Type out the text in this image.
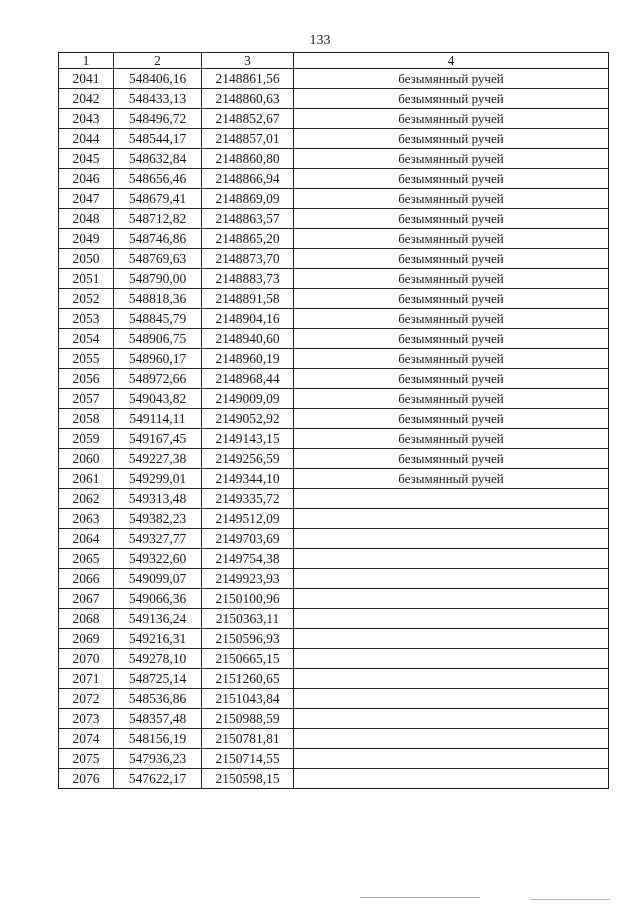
133
1	2	3	4
2041	548406,16	2148861,56	безымянный ручей
2042	548433,13	2148860,63	безымянный ручей
2043	548496,72	2148852,67	безымянный ручей
2044	548544,17	2148857,01	безымянный ручей
2045	548632,84	2148860,80	безымянный ручей
2046	548656,46	2148866,94	безымянный ручей
2047	548679,41	2148869,09	безымянный ручей
2048	548712,82	2148863,57	безымянный ручей
2049	548746,86	2148865,20	безымянный ручей
2050	548769,63	2148873,70	безымянный ручей
2051	548790,00	2148883,73	безымянный ручей
2052	548818,36	2148891,58	безымянный ручей
2053	548845,79	2148904,16	безымянный ручей
2054	548906,75	2148940,60	безымянный ручей
2055	548960,17	2148960,19	безымянный ручей
2056	548972,66	2148968,44	безымянный ручей
2057	549043,82	2149009,09	безымянный ручей
2058	549114,11	2149052,92	безымянный ручей
2059	549167,45	2149143,15	безымянный ручей
2060	549227,38	2149256,59	безымянный ручей
2061	549299,01	2149344,10	безымянный ручей
2062	549313,48	2149335,72	
2063	549382,23	2149512,09	
2064	549327,77	2149703,69	
2065	549322,60	2149754,38	
2066	549099,07	2149923,93	
2067	549066,36	2150100,96	
2068	549136,24	2150363,11	
2069	549216,31	2150596,93	
2070	549278,10	2150665,15	
2071	548725,14	2151260,65	
2072	548536,86	2151043,84	
2073	548357,48	2150988,59	
2074	548156,19	2150781,81	
2075	547936,23	2150714,55	
2076	547622,17	2150598,15	
